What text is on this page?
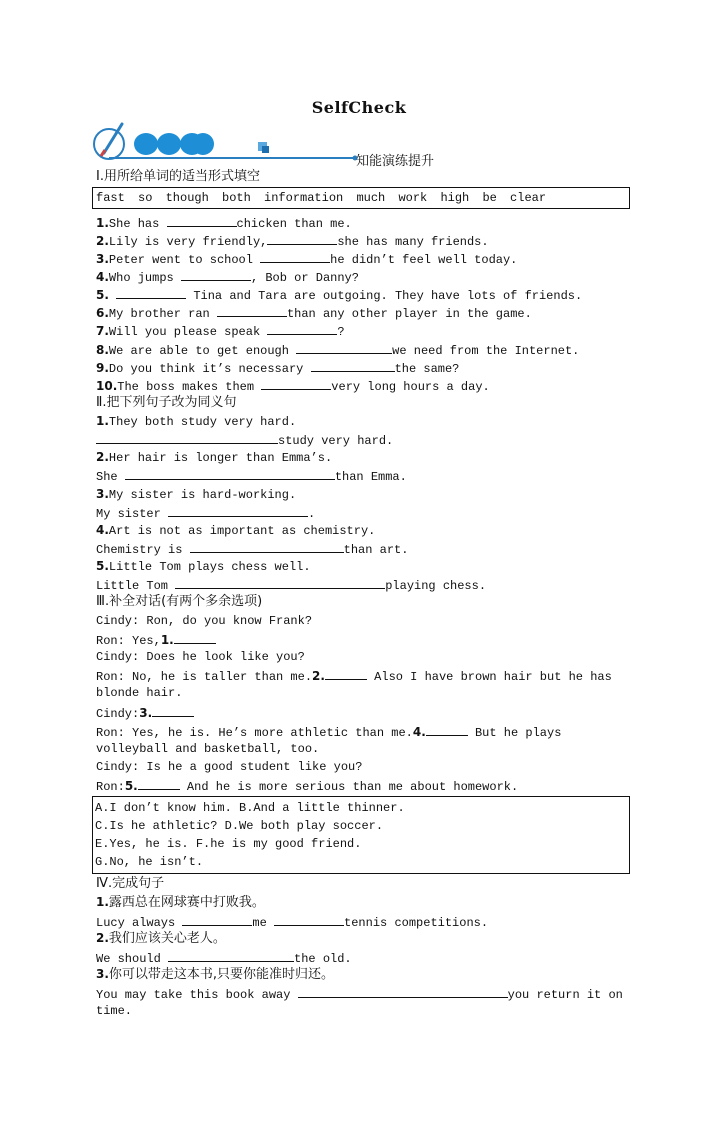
SelfCheck
知能演练提升
Ⅰ.用所给单词的适当形式填空
fast so though both information much work high be clear
1.She has	chicken than me.
2.Lily is very friendly,	she has many friends.
3.Peter went to school	he didn’t feel well today.
4.Who jumps	, Bob or Danny?
5.	Tina and Tara are outgoing. They have lots of friends.
6.My brother ran	than any other player in the game.
7.Will you please speak	?
8.We are able to get enough	we need from the Internet.
9.Do you think it’s necessary	the same?
10.The boss makes them	very long hours a day.
Ⅱ.把下列句子改为同义句
1.They both study very hard.
study very hard.
2.Her hair is longer than Emma’s.
She	than Emma.
3.My sister is hard-working.
My sister	.
4.Art is not as important as chemistry.
Chemistry is	than art.
5.Little Tom plays chess well.
Little Tom	playing chess.
Ⅲ.补全对话(有两个多余选项)
Cindy: Ron, do you know Frank?
Ron: Yes,1.
Cindy: Does he look like you?
Ron: No, he is taller than me.2.	Also I have brown hair but he has
blonde hair.
Cindy:3.
Ron: Yes, he is. He’s more athletic than me.4.	But he plays
volleyball and basketball, too.
Cindy: Is he a good student like you?
Ron:5.	And he is more serious than me about homework.
A.I don’t know him. B.And a little thinner.
C.Is he athletic? D.We both play soccer.
E.Yes, he is. F.he is my good friend.
G.No, he isn’t.
Ⅳ.完成句子
1.露西总在网球赛中打败我。
Lucy always	me	tennis competitions.
2.我们应该关心老人。
We should	the old.
3.你可以带走这本书,只要你能准时归还。
You may take this book away	you return it on
time.
